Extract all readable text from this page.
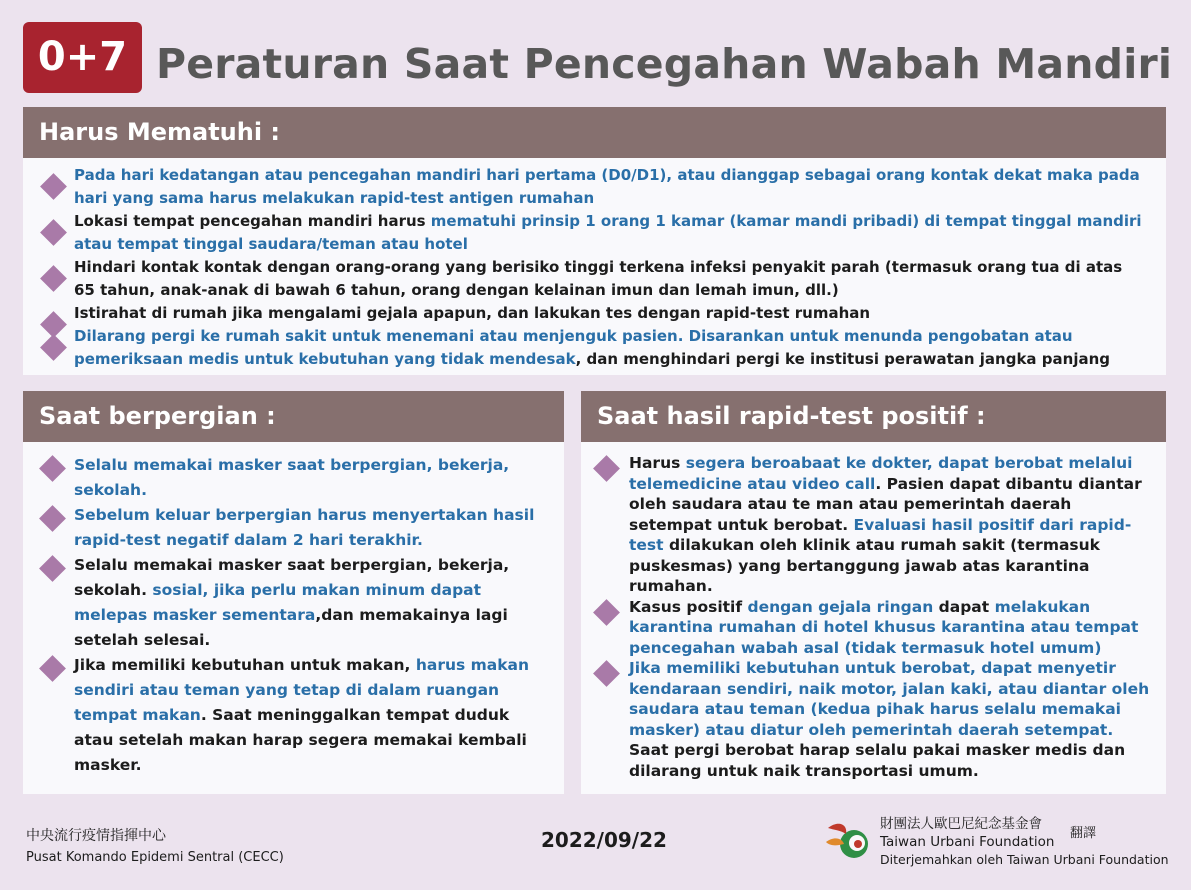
0+7 Peraturan Saat Pencegahan Wabah Mandiri
Harus Mematuhi :
Pada hari kedatangan atau pencegahan mandiri hari pertama (D0/D1), atau dianggap sebagai orang kontak dekat maka pada hari yang sama harus melakukan rapid-test antigen rumahan
Lokasi tempat pencegahan mandiri harus mematuhi prinsip 1 orang 1 kamar (kamar mandi pribadi) di tempat tinggal mandiri atau tempat tinggal saudara/teman atau hotel
Hindari kontak kontak dengan orang-orang yang berisiko tinggi terkena infeksi penyakit parah (termasuk orang tua di atas 65 tahun, anak-anak di bawah 6 tahun, orang dengan kelainan imun dan lemah imun, dll.)
Istirahat di rumah jika mengalami gejala apapun, dan lakukan tes dengan rapid-test rumahan
Dilarang pergi ke rumah sakit untuk menemani atau menjenguk pasien. Disarankan untuk menunda pengobatan atau pemeriksaan medis untuk kebutuhan yang tidak mendesak, dan menghindari pergi ke institusi perawatan jangka panjang
Saat berpergian :
Selalu memakai masker saat berpergian, bekerja, sekolah.
Sebelum keluar berpergian harus menyertakan hasil rapid-test negatif dalam 2 hari terakhir.
Selalu memakai masker saat berpergian, bekerja, sekolah. sosial, jika perlu makan minum dapat melepas masker sementara,dan memakainya lagi setelah selesai.
Jika memiliki kebutuhan untuk makan, harus makan sendiri atau teman yang tetap di dalam ruangan tempat makan. Saat meninggalkan tempat duduk atau setelah makan harap segera memakai kembali masker.
Saat hasil rapid-test positif :
Harus segera beroabaat ke dokter, dapat berobat melalui telemedicine atau video call. Pasien dapat dibantu diantar oleh saudara atau te man atau pemerintah daerah setempat untuk berobat. Evaluasi hasil positif dari rapid-test dilakukan oleh klinik atau rumah sakit (termasuk puskesmas) yang bertanggung jawab atas karantina rumahan.
Kasus positif dengan gejala ringan dapat melakukan karantina rumahan di hotel khusus karantina atau tempat pencegahan wabah asal (tidak termasuk hotel umum)
Jika memiliki kebutuhan untuk berobat, dapat menyetir kendaraan sendiri, naik motor, jalan kaki, atau diantar oleh saudara atau teman (kedua pihak harus selalu memakai masker) atau diatur oleh pemerintah daerah setempat. Saat pergi berobat harap selalu pakai masker medis dan dilarang untuk naik transportasi umum.
中央流行疫情指揮中心
Pusat Komando Epidemi Sentral (CECC)
2022/09/22
財團法人歐巴尼紀念基金會
Taiwan Urbani Foundation
Diterjemahkan oleh Taiwan Urbani Foundation
翻譯
